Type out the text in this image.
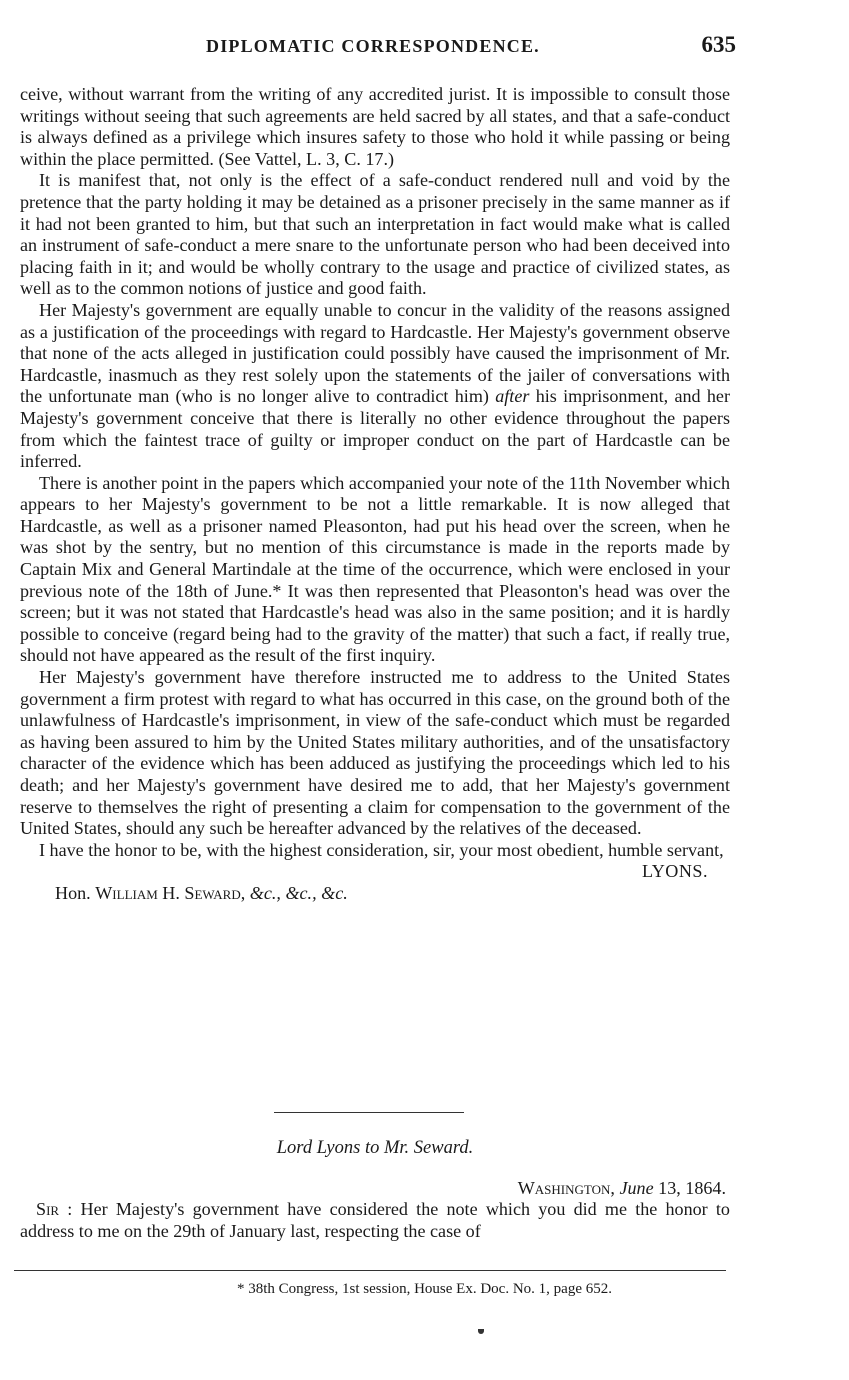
DIPLOMATIC CORRESPONDENCE.	635

ceive, without warrant from the writing of any accredited jurist. It is impossible to consult those writings without seeing that such agreements are held sacred by all states, and that a safe-conduct is always defined as a privilege which insures safety to those who hold it while passing or being within the place permitted. (See Vattel, L. 3, C. 17.)

It is manifest that, not only is the effect of a safe-conduct rendered null and void by the pretence that the party holding it may be detained as a prisoner precisely in the same manner as if it had not been granted to him, but that such an interpretation in fact would make what is called an instrument of safe-conduct a mere snare to the unfortunate person who had been deceived into placing faith in it; and would be wholly contrary to the usage and practice of civilized states, as well as to the common notions of justice and good faith.

Her Majesty's government are equally unable to concur in the validity of the reasons assigned as a justification of the proceedings with regard to Hardcastle. Her Majesty's government observe that none of the acts alleged in justification could possibly have caused the imprisonment of Mr. Hardcastle, inasmuch as they rest solely upon the statements of the jailer of conversations with the unfortunate man (who is no longer alive to contradict him) after his imprisonment, and her Majesty's government conceive that there is literally no other evidence throughout the papers from which the faintest trace of guilty or improper conduct on the part of Hardcastle can be inferred.

There is another point in the papers which accompanied your note of the 11th November which appears to her Majesty's government to be not a little remarkable. It is now alleged that Hardcastle, as well as a prisoner named Pleasonton, had put his head over the screen, when he was shot by the sentry, but no mention of this circumstance is made in the reports made by Captain Mix and General Martindale at the time of the occurrence, which were enclosed in your previous note of the 18th of June.* It was then represented that Pleasonton's head was over the screen; but it was not stated that Hardcastle's head was also in the same position; and it is hardly possible to conceive (regard being had to the gravity of the matter) that such a fact, if really true, should not have appeared as the result of the first inquiry.

Her Majesty's government have therefore instructed me to address to the United States government a firm protest with regard to what has occurred in this case, on the ground both of the unlawfulness of Hardcastle's imprisonment, in view of the safe-conduct which must be regarded as having been assured to him by the United States military authorities, and of the unsatisfactory character of the evidence which has been adduced as justifying the proceedings which led to his death; and her Majesty's government have desired me to add, that her Majesty's government reserve to themselves the right of presenting a claim for compensation to the government of the United States, should any such be hereafter advanced by the relatives of the deceased.

I have the honor to be, with the highest consideration, sir, your most obedient, humble servant,

LYONS.

Hon. William H. Seward, &c., &c., &c.

Lord Lyons to Mr. Seward.

Washington, June 13, 1864.

Sir : Her Majesty's government have considered the note which you did me the honor to address to me on the 29th of January last, respecting the case of

* 38th Congress, 1st session, House Ex. Doc. No. 1, page 652.
